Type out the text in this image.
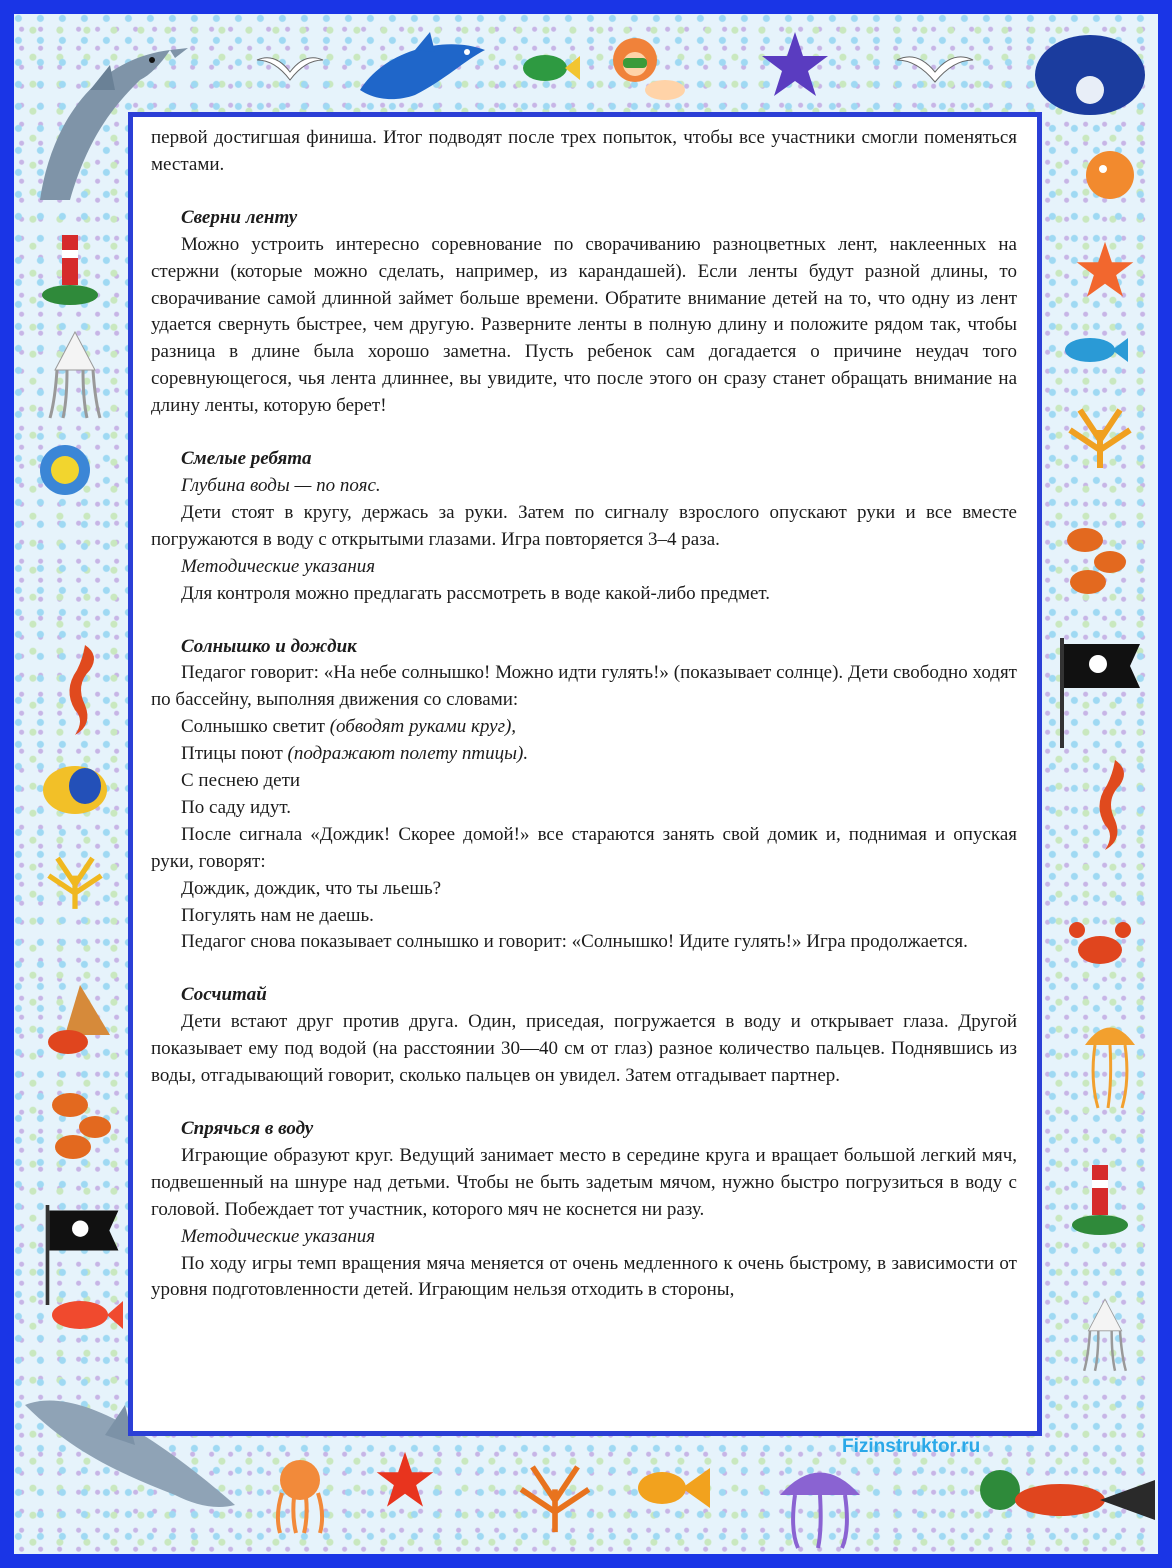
первой достигшая финиша. Итог подводят после трех попыток, чтобы все участники смогли поменяться местами.

Сверни ленту

Можно устроить интересно соревнование по сворачиванию разноцветных лент, наклеенных на стержни (которые можно сделать, например, из карандашей). Если ленты будут разной длины, то сворачивание самой длинной займет больше времени. Обратите внимание детей на то, что одну из лент удается свернуть быстрее, чем другую. Разверните ленты в полную длину и положите рядом так, чтобы разница в длине была хорошо заметна. Пусть ребенок сам догадается о причине неудач того соревнующегося, чья лента длиннее, вы увидите, что после этого он сразу станет обращать внимание на длину ленты, которую берет!

Смелые ребята

Глубина воды — по пояс.

Дети стоят в кругу, держась за руки. Затем по сигналу взрослого опускают руки и все вместе погружаются в воду с открытыми глазами. Игра повторяется 3–4 раза.

Методические указания

Для контроля можно предлагать рассмотреть в воде какой-либо предмет.

Солнышко и дождик

Педагог говорит: «На небе солнышко! Можно идти гулять!» (показывает солнце). Дети свободно ходят по бассейну, выполняя движения со словами:

Солнышко светит (обводят руками круг),

Птицы поют (подражают полету птицы).

С песнею дети

По саду идут.

После сигнала «Дождик! Скорее домой!» все стараются занять свой домик и, поднимая и опуская руки, говорят:

Дождик, дождик, что ты льешь?

Погулять нам не даешь.

Педагог снова показывает солнышко и говорит: «Солнышко! Идите гулять!» Игра продолжается.

Сосчитай

Дети встают друг против друга. Один, приседая, погружается в воду и открывает глаза. Другой показывает ему под водой (на расстоянии 30—40 см от глаз) разное количество пальцев. Поднявшись из воды, отгадывающий говорит, сколько пальцев он увидел. Затем отгадывает партнер.

Спрячься в воду

Играющие образуют круг. Ведущий занимает место в середине круга и вращает большой легкий мяч, подвешенный на шнуре над детьми. Чтобы не быть задетым мячом, нужно быстро погрузиться в воду с головой. Побеждает тот участник, которого мяч не коснется ни разу.

Методические указания

По ходу игры темп вращения мяча меняется от очень медленного к очень быстрому, в зависимости от уровня подготовленности детей. Играющим нельзя отходить в стороны,

Fizinstruktor.ru
